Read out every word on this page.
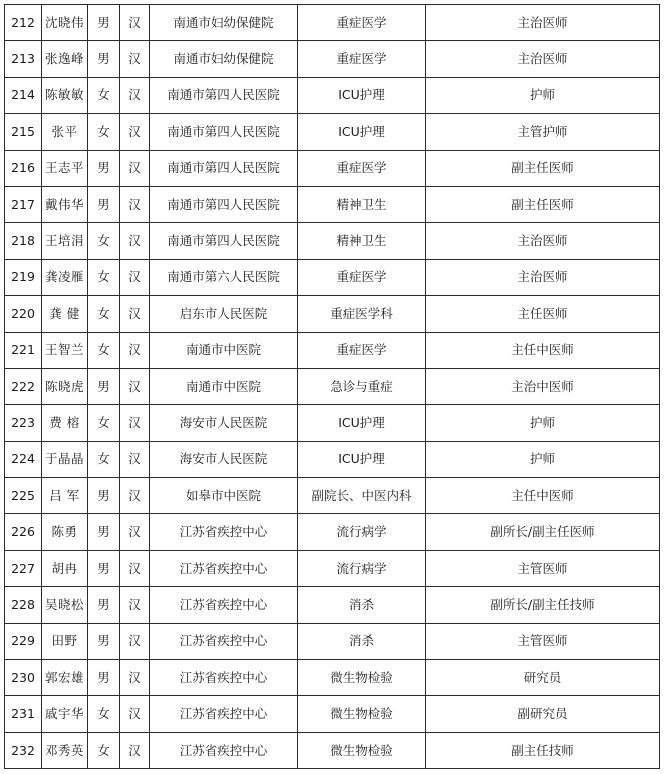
212	沈晓伟	男	汉	南通市妇幼保健院	重症医学	主治医师
213	张逸峰	男	汉	南通市妇幼保健院	重症医学	主治医师
214	陈敏敏	女	汉	南通市第四人民医院	ICU护理	护师
215	张平	女	汉	南通市第四人民医院	ICU护理	主管护师
216	王志平	男	汉	南通市第四人民医院	重症医学	副主任医师
217	戴伟华	男	汉	南通市第四人民医院	精神卫生	副主任医师
218	王培涓	女	汉	南通市第四人民医院	精神卫生	主治医师
219	龚凌雁	女	汉	南通市第六人民医院	重症医学	主治医师
220	龚 健	女	汉	启东市人民医院	重症医学科	主任医师
221	王智兰	女	汉	南通市中医院	重症医学	主任中医师
222	陈晓虎	男	汉	南通市中医院	急诊与重症	主治中医师
223	费 榕	女	汉	海安市人民医院	ICU护理	护师
224	于晶晶	女	汉	海安市人民医院	ICU护理	护师
225	吕 军	男	汉	如皋市中医院	副院长、中医内科	主任中医师
226	陈勇	男	汉	江苏省疾控中心	流行病学	副所长/副主任医师
227	胡冉	男	汉	江苏省疾控中心	流行病学	主管医师
228	吴晓松	男	汉	江苏省疾控中心	消杀	副所长/副主任技师
229	田野	男	汉	江苏省疾控中心	消杀	主管医师
230	郭宏雄	男	汉	江苏省疾控中心	微生物检验	研究员
231	戚宇华	女	汉	江苏省疾控中心	微生物检验	副研究员
232	邓秀英	女	汉	江苏省疾控中心	微生物检验	副主任技师
